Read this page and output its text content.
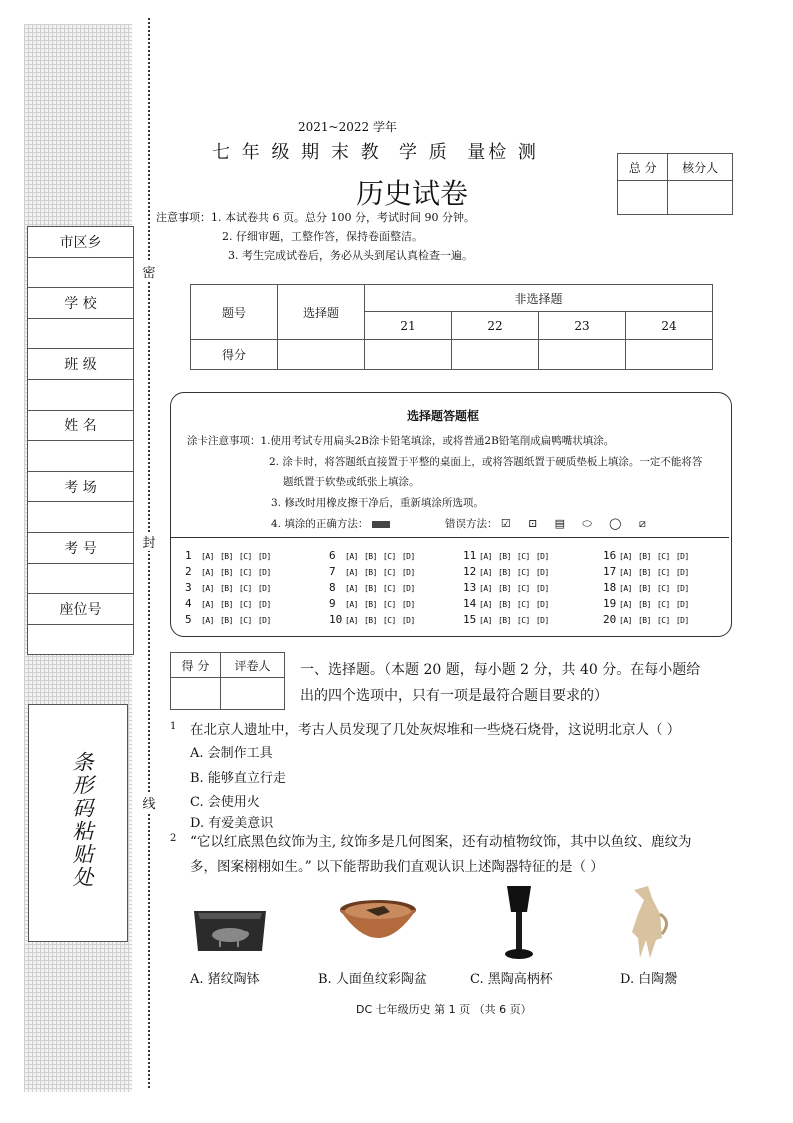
密
封
线
市区乡
学 校
班 级
姓 名
考 场
考 号
座位号
条形码粘贴处
2021~2022 学年
七 年 级 期 末 教  学 质  量检 测
历史试卷
总 分	核分人

注意事项：1. 本试卷共 6 页。总分 100 分，考试时间 90 分钟。
2. 仔细审题，工整作答，保持卷面整洁。
3. 考生完成试卷后，务必从头到尾认真检查一遍。
题号	选择题	非选择题			
		21	22	23	24
得分					
选择题答题框
涂卡注意事项：1.使用考试专用扁头2B涂卡铅笔填涂，或将普通2B铅笔削成扁鸭嘴状填涂。
2. 涂卡时，将答题纸直接置于平整的桌面上，或将答题纸置于硬质垫板上填涂。一定不能将答
题纸置于软垫或纸张上填涂。
3. 修改时用橡皮擦干净后，重新填涂所选项。
4. 填涂的正确方法：	错误方法： ☑ ⊡ ▤ ⬭ ◯ ⧄
1 [A] [B] [C] [D]
2 [A] [B] [C] [D]
3 [A] [B] [C] [D]
4 [A] [B] [C] [D]
5 [A] [B] [C] [D]
6 [A] [B] [C] [D]
7 [A] [B] [C] [D]
8 [A] [B] [C] [D]
9 [A] [B] [C] [D]
10 [A] [B] [C] [D]
11 [A] [B] [C] [D]
12 [A] [B] [C] [D]
13 [A] [B] [C] [D]
14 [A] [B] [C] [D]
15 [A] [B] [C] [D]
16 [A] [B] [C] [D]
17 [A] [B] [C] [D]
18 [A] [B] [C] [D]
19 [A] [B] [C] [D]
20 [A] [B] [C] [D]
得 分	评卷人
	一、选择题。（本题 20 题，每小题 2 分，共 40 分。在每小题给
出的四个选项中，只有一项是最符合题目要求的）
1 在北京人遗址中，考古人员发现了几处灰烬堆和一些烧石烧骨，这说明北京人（ ）
A. 会制作工具
B. 能够直立行走
C. 会使用火
D. 有爱美意识
2 “它以红底黑色纹饰为主, 纹饰多是几何图案，还有动植物纹饰，其中以鱼纹、鹿纹为
多，图案栩栩如生。” 以下能帮助我们直观认识上述陶器特征的是（ ）
A. 猪纹陶钵	B. 人面鱼纹彩陶盆	C. 黑陶高柄杯	D. 白陶鬶
DC 七年级历史 第 1 页 （共 6 页）
